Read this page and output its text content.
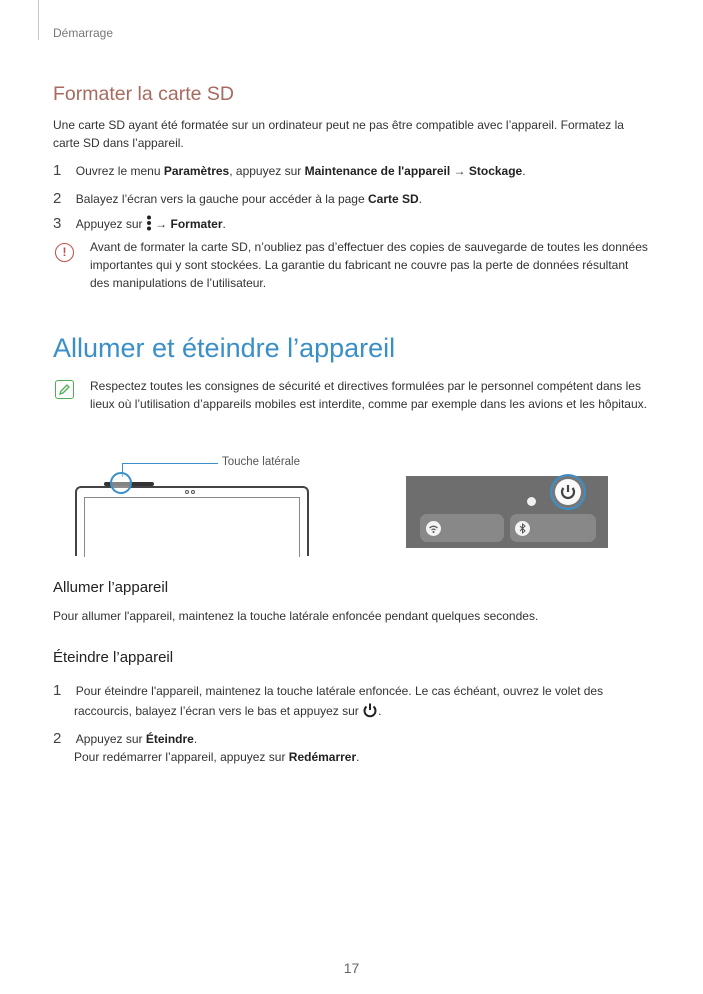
Démarrage
Formater la carte SD
Une carte SD ayant été formatée sur un ordinateur peut ne pas être compatible avec l’appareil. Formatez la carte SD dans l’appareil.
1 Ouvrez le menu Paramètres, appuyez sur Maintenance de l'appareil → Stockage.
2 Balayez l’écran vers la gauche pour accéder à la page Carte SD.
3 Appuyez sur  → Formater.
!	Avant de formater la carte SD, n’oubliez pas d’effectuer des copies de sauvegarde de toutes les données importantes qui y sont stockées. La garantie du fabricant ne couvre pas la perte de données résultant des manipulations de l’utilisateur.
Allumer et éteindre l’appareil
Respectez toutes les consignes de sécurité et directives formulées par le personnel compétent dans les lieux où l’utilisation d’appareils mobiles est interdite, comme par exemple dans les avions et les hôpitaux.
Touche latérale
Allumer l’appareil
Pour allumer l'appareil, maintenez la touche latérale enfoncée pendant quelques secondes.
Éteindre l’appareil
1 Pour éteindre l'appareil, maintenez la touche latérale enfoncée. Le cas échéant, ouvrez le volet des
raccourcis, balayez l’écran vers le bas et appuyez sur .
2 Appuyez sur Éteindre.
Pour redémarrer l’appareil, appuyez sur Redémarrer.
17
